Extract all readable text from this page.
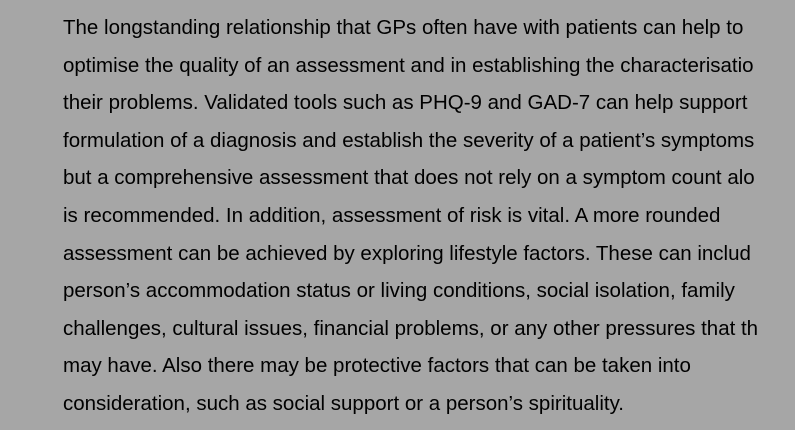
The longstanding relationship that GPs often have with patients can help to
optimise the quality of an assessment and in establishing the characterisatio
their problems. Validated tools such as PHQ-9 and GAD-7 can help support
formulation of a diagnosis and establish the severity of a patient’s symptoms
but a comprehensive assessment that does not rely on a symptom count alo
is recommended. In addition, assessment of risk is vital. A more rounded
assessment can be achieved by exploring lifestyle factors. These can includ
person’s accommodation status or living conditions, social isolation, family
challenges, cultural issues, financial problems, or any other pressures that th
may have. Also there may be protective factors that can be taken into
consideration, such as social support or a person’s spirituality.
